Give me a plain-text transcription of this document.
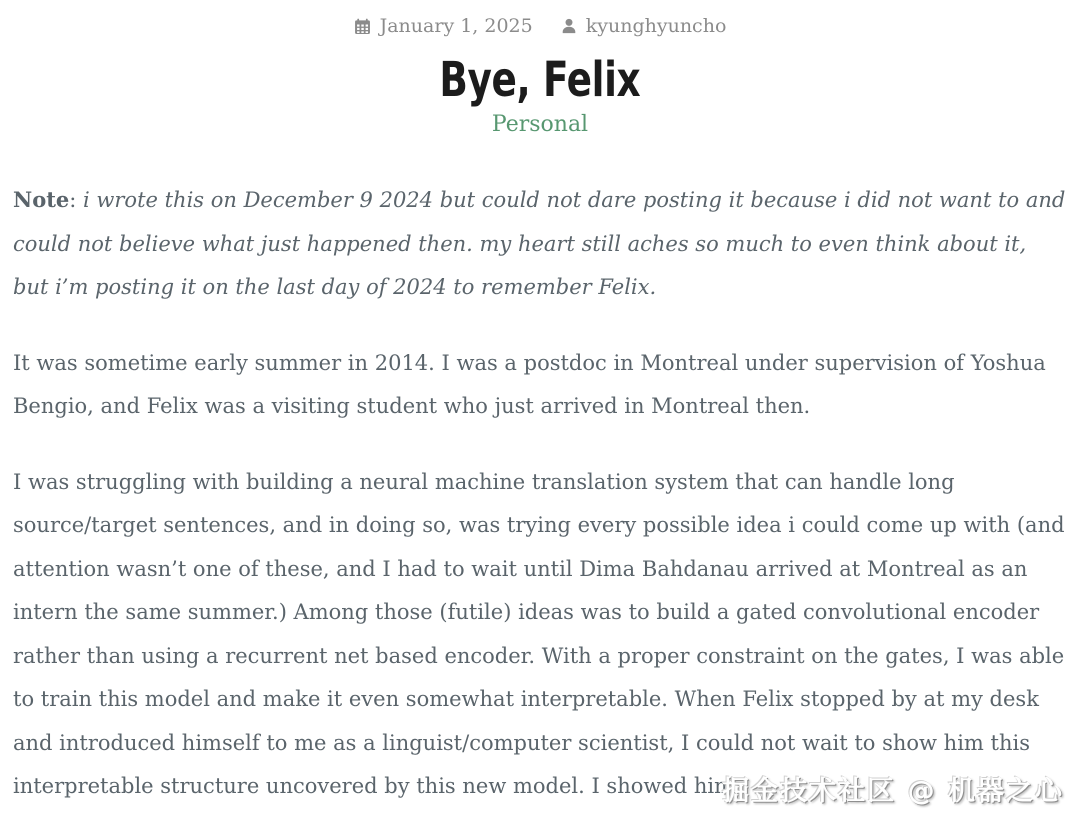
January 1, 2025	kyunghyuncho
Bye, Felix
Personal

Note: i wrote this on December 9 2024 but could not dare posting it because i did not want to and could not believe what just happened then. my heart still aches so much to even think about it, but i’m posting it on the last day of 2024 to remember Felix.

It was sometime early summer in 2014. I was a postdoc in Montreal under supervision of Yoshua Bengio, and Felix was a visiting student who just arrived in Montreal then.

I was struggling with building a neural machine translation system that can handle long source/target sentences, and in doing so, was trying every possible idea i could come up with (and attention wasn’t one of these, and I had to wait until Dima Bahdanau arrived at Montreal as an intern the same summer.) Among those (futile) ideas was to build a gated convolutional encoder rather than using a recurrent net based encoder. With a proper constraint on the gates, I was able to train this model and make it even somewhat interpretable. When Felix stopped by at my desk and introduced himself to me as a linguist/computer scientist, I could not wait to show him this interpretable structure uncovered by this new model. I showed him:

掘金技术社区 @ 机器之心
